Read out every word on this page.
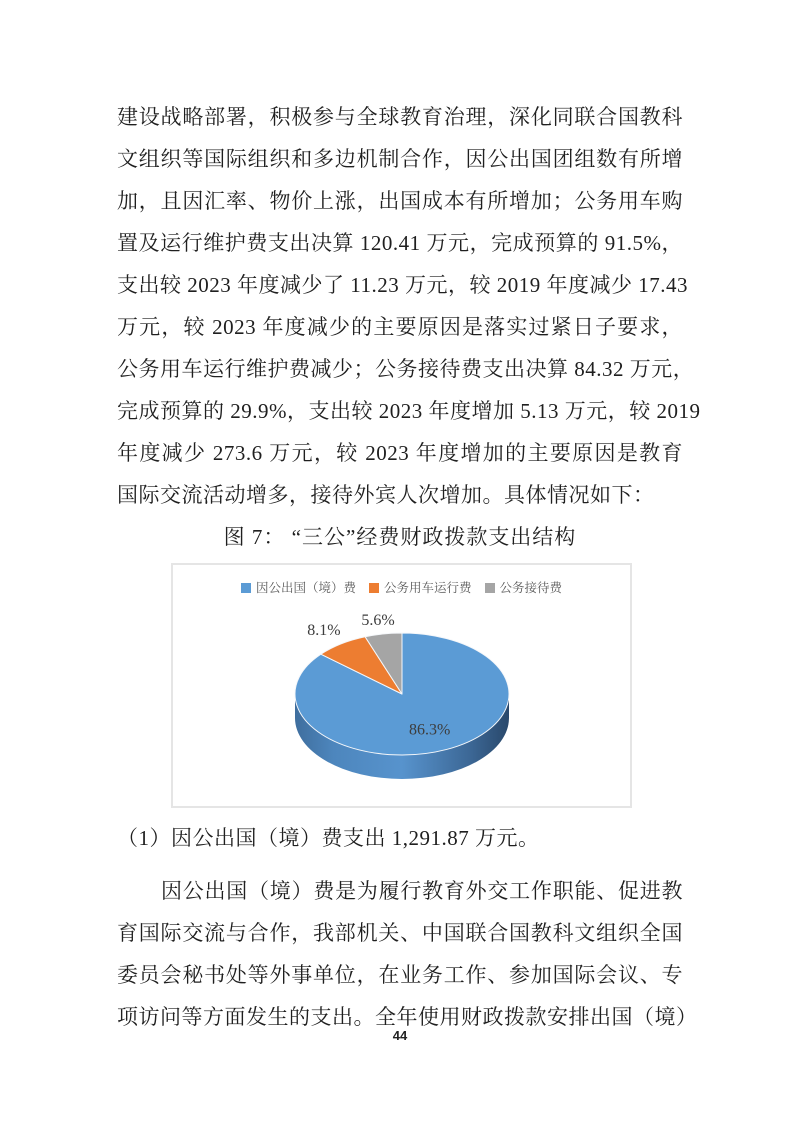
建设战略部署，积极参与全球教育治理，深化同联合国教科
文组织等国际组织和多边机制合作，因公出国团组数有所增
加，且因汇率、物价上涨，出国成本有所增加；公务用车购
置及运行维护费支出决算 120.41 万元，完成预算的 91.5%，
支出较 2023 年度减少了 11.23 万元，较 2019 年度减少 17.43
万元，较 2023 年度减少的主要原因是落实过紧日子要求，
公务用车运行维护费减少；公务接待费支出决算 84.32 万元，
完成预算的 29.9%，支出较 2023 年度增加 5.13 万元，较 2019
年度减少 273.6 万元，较 2023 年度增加的主要原因是教育
国际交流活动增多，接待外宾人次增加。具体情况如下：
图 7： “三公”经费财政拨款支出结构
86.3%
8.1%
5.6%
因公出国（境）费 公务用车运行费 公务接待费
（1）因公出国（境）费支出 1,291.87 万元。
因公出国（境）费是为履行教育外交工作职能、促进教
育国际交流与合作，我部机关、中国联合国教科文组织全国
委员会秘书处等外事单位，在业务工作、参加国际会议、专
项访问等方面发生的支出。全年使用财政拨款安排出国（境）
44
